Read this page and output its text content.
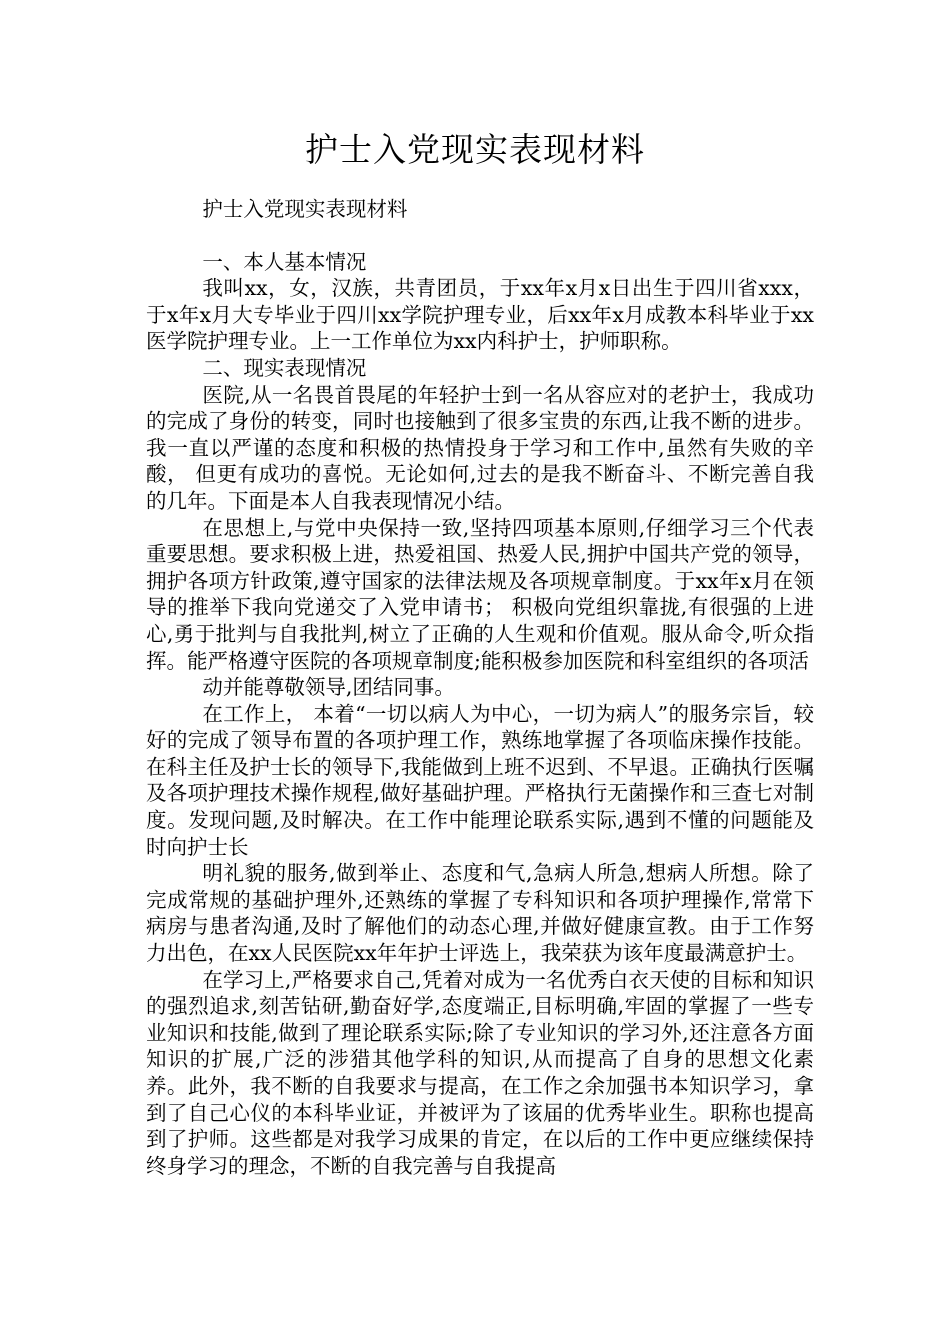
护士入党现实表现材料

护士入党现实表现材料

一、本人基本情况

我叫xx，女，汉族，共青团员，于xx年x月x日出生于四川省xxx，于x年x月大专毕业于四川xx学院护理专业，后xx年x月成教本科毕业于xx医学院护理专业。上一工作单位为xx内科护士，护师职称。

二、现实表现情况

医院,从一名畏首畏尾的年轻护士到一名从容应对的老护士，我成功的完成了身份的转变，同时也接触到了很多宝贵的东西,让我不断的进步。我一直以严谨的态度和积极的热情投身于学习和工作中,虽然有失败的辛酸， 但更有成功的喜悦。无论如何,过去的是我不断奋斗、不断完善自我的几年。下面是本人自我表现情况小结。

在思想上,与党中央保持一致,坚持四项基本原则,仔细学习三个代表重要思想。要求积极上进，热爱祖国、热爱人民,拥护中国共产党的领导，拥护各项方针政策,遵守国家的法律法规及各项规章制度。于xx年x月在领导的推举下我向党递交了入党申请书； 积极向党组织靠拢,有很强的上进心,勇于批判与自我批判,树立了正确的人生观和价值观。服从命令,听众指挥。能严格遵守医院的各项规章制度;能积极参加医院和科室组织的各项活

动并能尊敬领导,团结同事。

在工作上， 本着“一切以病人为中心，一切为病人”的服务宗旨，较好的完成了领导布置的各项护理工作，熟练地掌握了各项临床操作技能。在科主任及护士长的领导下,我能做到上班不迟到、不早退。正确执行医嘱及各项护理技术操作规程,做好基础护理。严格执行无菌操作和三查七对制度。发现问题,及时解决。在工作中能理论联系实际,遇到不懂的问题能及时向护士长

明礼貌的服务,做到举止、态度和气,急病人所急,想病人所想。除了完成常规的基础护理外,还熟练的掌握了专科知识和各项护理操作,常常下病房与患者沟通,及时了解他们的动态心理,并做好健康宣教。由于工作努力出色，在xx人民医院xx年年护士评选上，我荣获为该年度最满意护士。

在学习上,严格要求自己,凭着对成为一名优秀白衣天使的目标和知识的强烈追求,刻苦钻研,勤奋好学,态度端正,目标明确,牢固的掌握了一些专业知识和技能,做到了理论联系实际;除了专业知识的学习外,还注意各方面知识的扩展,广泛的涉猎其他学科的知识,从而提高了自身的思想文化素养。此外，我不断的自我要求与提高，在工作之余加强书本知识学习，拿到了自己心仪的本科毕业证，并被评为了该届的优秀毕业生。职称也提高到了护师。这些都是对我学习成果的肯定，在以后的工作中更应继续保持终身学习的理念，不断的自我完善与自我提高
